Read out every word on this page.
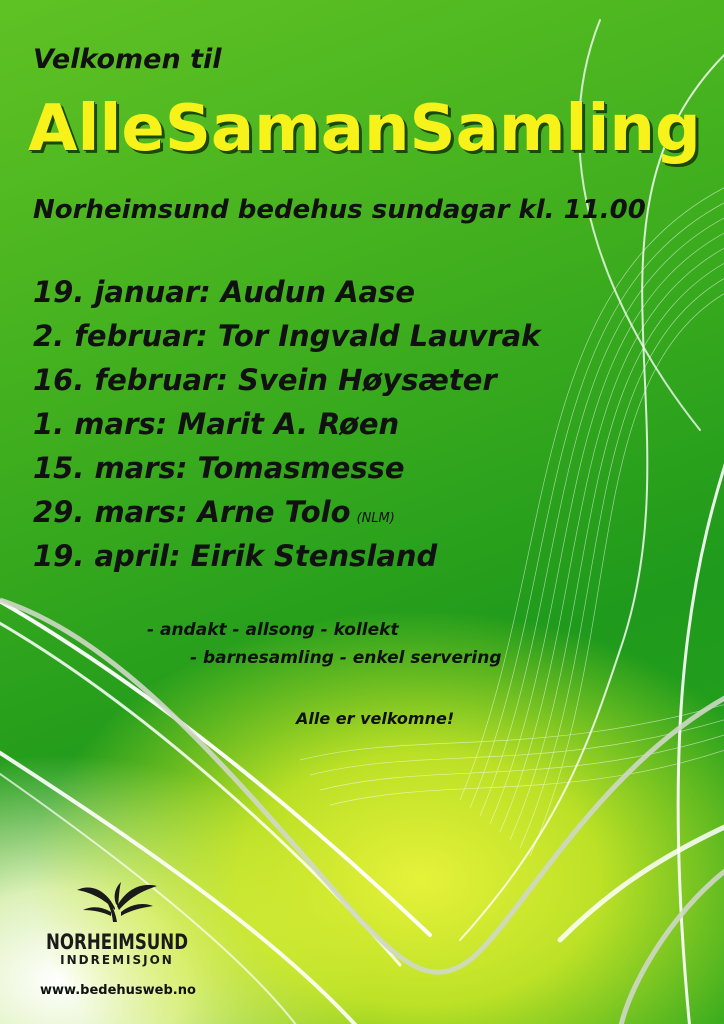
Velkomen til

AlleSamanSamling

Norheimsund bedehus sundagar kl. 11.00

19. januar: Audun Aase
2. februar: Tor Ingvald Lauvrak
16. februar: Svein Høysæter
1. mars: Marit A. Røen
15. mars: Tomasmesse
29. mars: Arne Tolo (NLM)
19. april: Eirik Stensland

- andakt - allsong - kollekt

- barnesamling - enkel servering

Alle er velkomne!

NORHEIMSUND
INDREMISJON

www.bedehusweb.no
